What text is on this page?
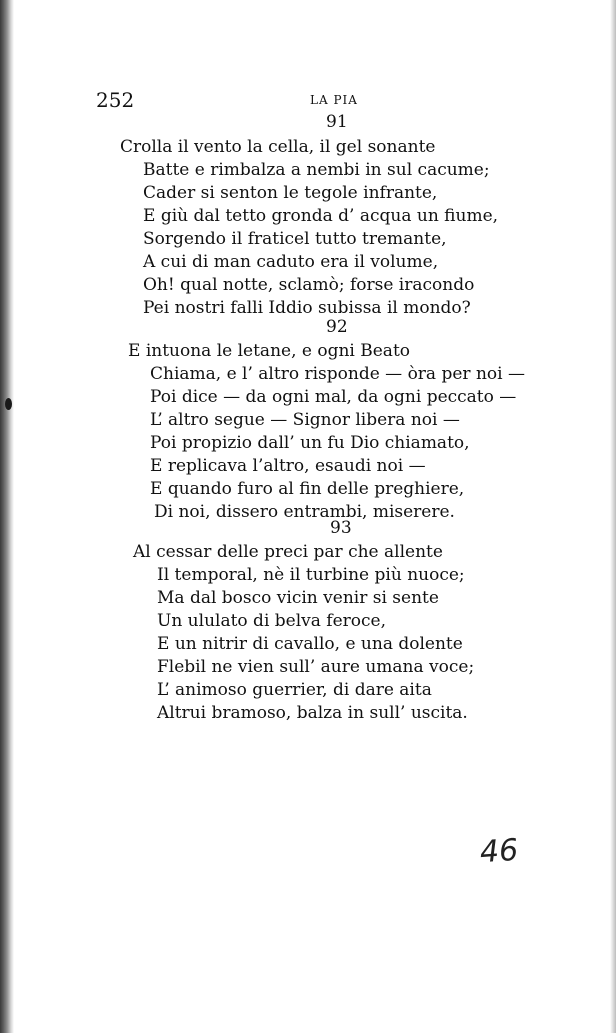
252	LA PIA
91
Crolla il vento la cella, il gel sonante
Batte e rimbalza a nembi in sul cacume;
Cader si senton le tegole infrante,
E giù dal tetto gronda d’ acqua un fiume,
Sorgendo il fraticel tutto tremante,
A cui di man caduto era il volume,
Oh! qual notte, sclamò; forse iracondo
Pei nostri falli Iddio subissa il mondo?
92
E intuona le letane, e ogni Beato
Chiama, e l’ altro risponde — òra per noi —
Poi dice — da ogni mal, da ogni peccato —
L’ altro segue — Signor libera noi —
Poi propizio dall’ un fu Dio chiamato,
E replicava l’altro, esaudi noi —
E quando furo al fin delle preghiere,
Di noi, dissero entrambi, miserere.
93
Al cessar delle preci par che allente
Il temporal, nè il turbine più nuoce;
Ma dal bosco vicin venir si sente
Un ululato di belva feroce,
E un nitrir di cavallo, e una dolente
Flebil ne vien sull’ aure umana voce;
L’ animoso guerrier, di dare aita
Altrui bramoso, balza in sull’ uscita.
46
